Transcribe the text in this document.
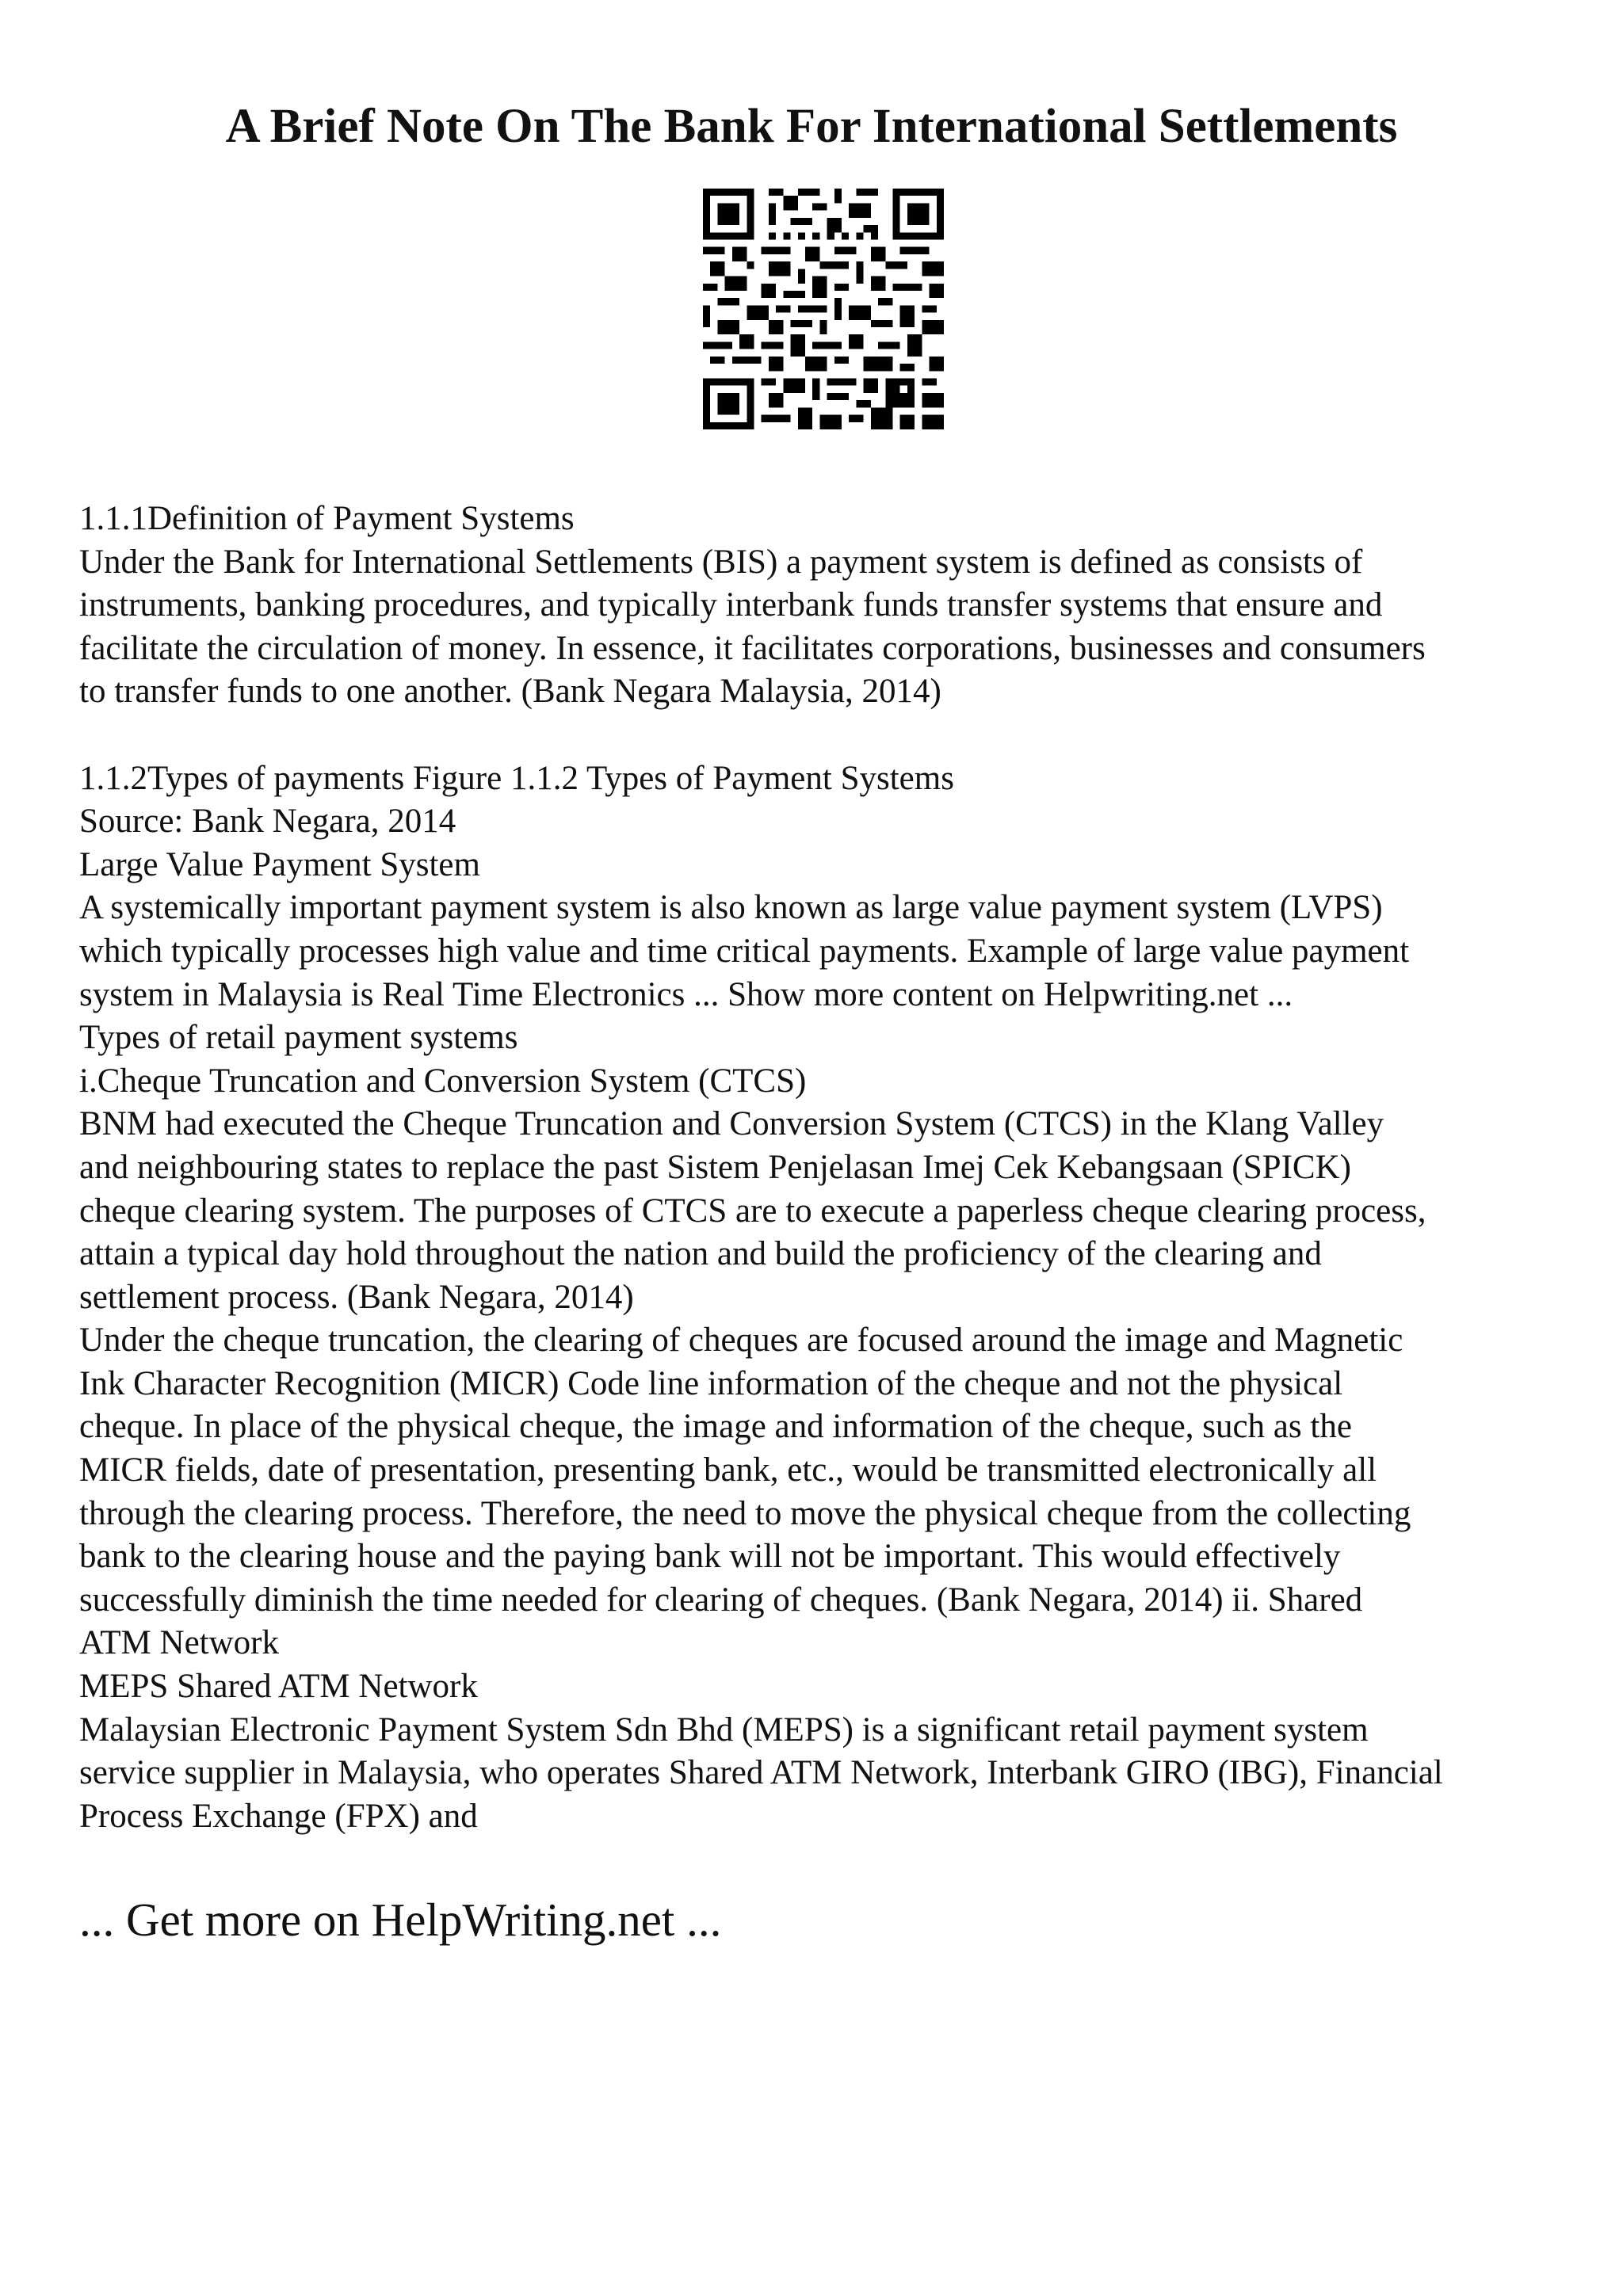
A Brief Note On The Bank For International Settlements

1.1.1Definition of Payment Systems

Under the Bank for International Settlements (BIS) a payment system is defined as consists of

instruments, banking procedures, and typically interbank funds transfer systems that ensure and

facilitate the circulation of money. In essence, it facilitates corporations, businesses and consumers

to transfer funds to one another. (Bank Negara Malaysia, 2014)

1.1.2Types of payments Figure 1.1.2 Types of Payment Systems

Source: Bank Negara, 2014

Large Value Payment System

A systemically important payment system is also known as large value payment system (LVPS)

which typically processes high value and time critical payments. Example of large value payment

system in Malaysia is Real Time Electronics ... Show more content on Helpwriting.net ...

Types of retail payment systems

i.Cheque Truncation and Conversion System (CTCS)

BNM had executed the Cheque Truncation and Conversion System (CTCS) in the Klang Valley

and neighbouring states to replace the past Sistem Penjelasan Imej Cek Kebangsaan (SPICK)

cheque clearing system. The purposes of CTCS are to execute a paperless cheque clearing process,

attain a typical day hold throughout the nation and build the proficiency of the clearing and

settlement process. (Bank Negara, 2014)

Under the cheque truncation, the clearing of cheques are focused around the image and Magnetic

Ink Character Recognition (MICR) Code line information of the cheque and not the physical

cheque. In place of the physical cheque, the image and information of the cheque, such as the

MICR fields, date of presentation, presenting bank, etc., would be transmitted electronically all

through the clearing process. Therefore, the need to move the physical cheque from the collecting

bank to the clearing house and the paying bank will not be important. This would effectively

successfully diminish the time needed for clearing of cheques. (Bank Negara, 2014) ii. Shared

ATM Network

MEPS Shared ATM Network

Malaysian Electronic Payment System Sdn Bhd (MEPS) is a significant retail payment system

service supplier in Malaysia, who operates Shared ATM Network, Interbank GIRO (IBG), Financial

Process Exchange (FPX) and

... Get more on HelpWriting.net ...
